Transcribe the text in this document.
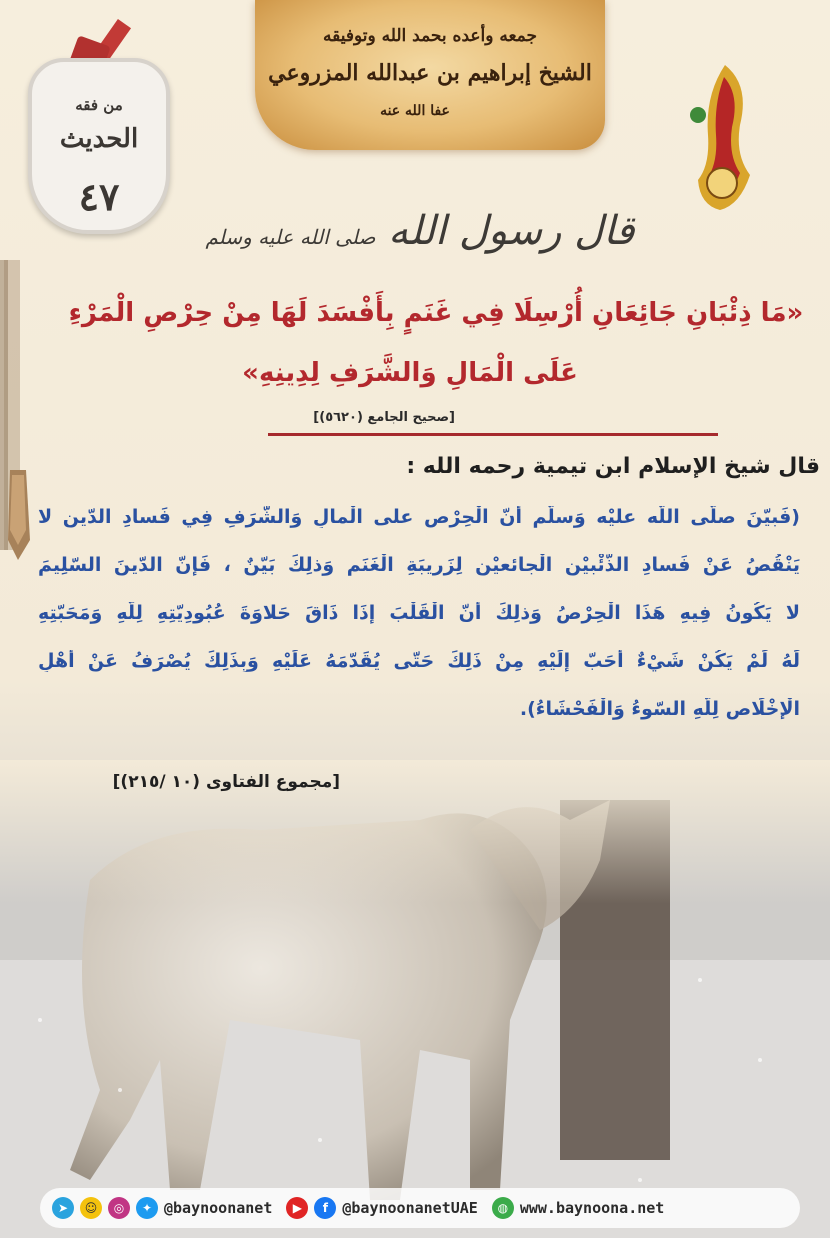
جمعه وأعده بحمد الله وتوفيقه
الشيخ إبراهيم بن عبدالله المزروعي
عفا الله عنه
من فقه
الحديث
٤٧
قال رسول الله صلى الله عليه وسلم
«مَا ذِئْبَانِ جَائِعَانِ أُرْسِلَا فِي غَنَمٍ بِأَفْسَدَ لَهَا مِنْ حِرْصِ الْمَرْءِ
عَلَى الْمَالِ وَالشَّرَفِ لِدِينِهِ»
[صحيح الجامع (٥٦٢٠)]
قال شيخ الإسلام ابن تيمية رحمه الله :
(فَبيّنَ صلّى اللّه عليْه وَسلّم أنّ الْحِرْص على الْمالِ وَالشّرَفِ فِي فَسادِ الدّينِ لا
يَنْقُصُ عَنْ فَسادِ الذّئْبيْنِ الْجائعيْنِ لِزَرِيبَةِ الْغَنَمِ وَذلِكَ بَيّنٌ ، فَإِنّ الدّينَ السّلِيمَ
لا يَكُونُ فِيهِ هَذَا الْحِرْصُ وَذلِكَ أَنّ الْقَلْبَ إذَا ذَاقَ حَلاوَةَ عُبُودِيّتِهِ لِلّهِ وَمَحَبّتِهِ
لَهُ لَمْ يَكُنْ شَيْءٌ أَحَبّ إلَيْهِ مِنْ ذَلِكَ حَتّى يُقَدّمَهُ عَلَيْهِ وَبِذَلِكَ يُصْرَفُ عَنْ أَهْلِ
الْإِخْلَاصِ لِلّهِ السّوءُ وَالْفَحْشَاءُ).
[مجموع الفتاوى (١٠ /٢١٥)]
➤	☺	◎	✦ @baynoonanet	▶	f @baynoonanetUAE	◍ www.baynoona.net
